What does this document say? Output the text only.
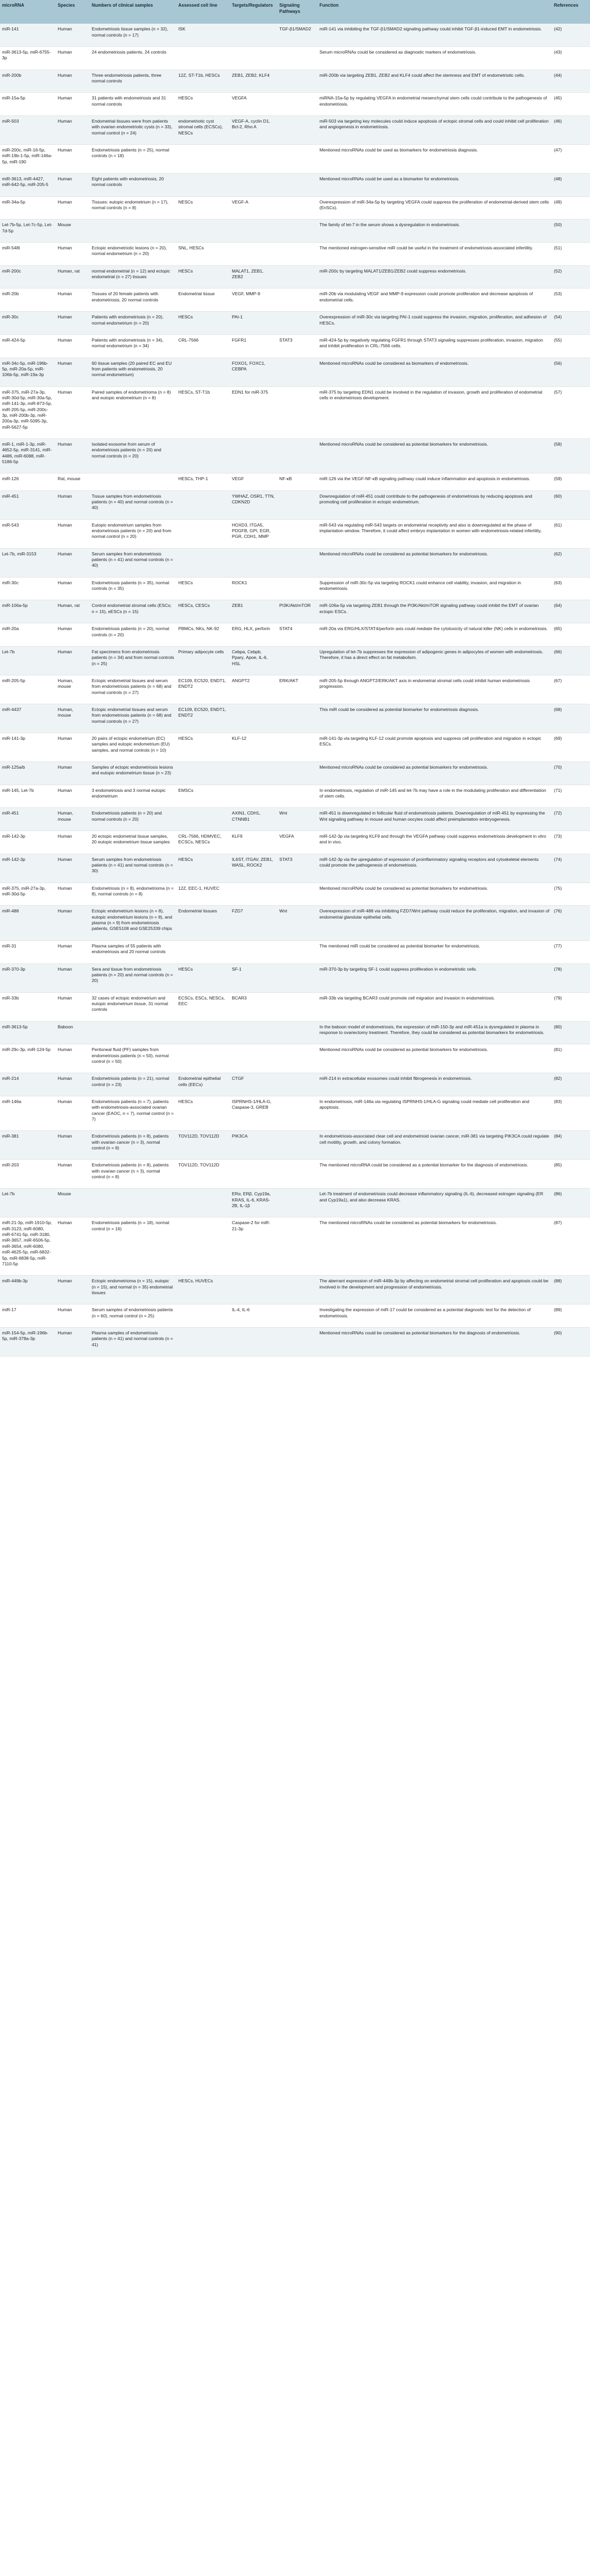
microRNA	Species	Numbers of clinical samples	Assessed cell line	Targets/Regulators	Signaling Pathways	Function	References
miR-141	Human	Endometriosis tissue samples (n = 32), normal controls (n = 17)	ISK		TGF-β1/SMAD2	miR-141 via inhibiting the TGF-β1/SMAD2 signaling pathway could inhibit TGF-β1-induced EMT in endometriosis.	(42)
miR-3613-5p, miR-6755-3p	Human	24 endometriosis patients, 24 controls				Serum microRNAs could be considered as diagnostic markers of endometriosis.	(43)
miR-200b	Human	Three endometriosis patients, three normal controls	12Z, ST-T1b, HESCs	ZEB1, ZEB2, KLF4		miR-200b via targeting ZEB1, ZEB2 and KLF4 could affect the stemness and EMT of endometriotic cells.	(44)
miR-15a-5p	Human	31 patients with endometriosis and 31 normal controls	HESCs	VEGFA		miRNA-15a-5p by regulating VEGFA in endometrial mesenchymal stem cells could contribute to the pathogenesis of endometriosis.	(45)
miR-503	Human	Endometrial tissues were from patients with ovarian endometriotic cysts (n = 33), normal control (n = 24)	endometriotic cyst stromal cells (ECSCs), NESCs	VEGF-A, cyclin D1, Bcl-2, Rho A		miR-503 via targeting key molecules could induce apoptosis of ectopic stromal cells and could inhibit cell proliferation and angiogenesis in endometriosis.	(46)
miR-200c, miR-16-5p, miR-19b-1-5p, miR-146a-5p, miR-190	Human	Endometriosis patients (n = 25), normal controls (n = 18)				Mentioned microRNAs could be used as biomarkers for endometriosis diagnosis.	(47)
miR-3613, miR-4427, miR-642-5p, miR-205-5	Human	Eight patients with endometriosis, 20 normal controls				Mentioned microRNAs could be used as a biomarker for endometriosis.	(48)
miR-34a-5p	Human	Tissues: eutopic endometrium (n = 17), normal controls (n = 8)	NESCs	VEGF-A		Overexpression of miR-34a-5p by targeting VEGFA could suppress the proliferation of endometrial-derived stem cells (EnSCs).	(49)
Let-7b-5p, Let-7c-5p, Let-7d-5p	Mouse					The family of let-7 in the serum shows a dysregulation in endometriosis.	(50)
miR-548l	Human	Ectopic endometriotic lesions (n = 20), normal endometrium (n = 20)	SNL, HESCs			The mentioned estrogen-sensitive miR could be useful in the treatment of endometriosis-associated infertility.	(51)
miR-200c	Human, rat	normal endometrial (n = 12) and ectopic endometrial (n = 27) tissues	HESCs	MALAT1, ZEB1, ZEB2		miR-200c by targeting MALAT1/ZEB1/ZEB2 could suppress endometriosis.	(52)
miR-20b	Human	Tissues of 20 female patients with endometriosis, 20 normal controls	Endometrial tissue	VEGF, MMP-9		miR-20b via modulating VEGF and MMP-9 expression could promote proliferation and decrease apoptosis of endometrial cells.	(53)
miR-30c	Human	Patients with endometriosis (n = 20), normal endometrium (n = 20)	HESCs	PAI-1		Overexpression of miR-30c via targeting PAI-1 could suppress the invasion, migration, proliferation, and adhesion of HESCs.	(54)
miR-424-5p	Human	Patients with endometriosis (n = 34), normal endometrium (n = 34)	CRL-7566	FGFR1	STAT3	miR-424-5p by negatively regulating FGFR1 through STAT3 signaling suppresses proliferation, invasion, migration and inhibit proliferation in CRL-7566 cells.	(55)
miR-34c-5p, miR-196b-5p, miR-20a-5p, miR-106b-5p, miR-19a-3p	Human	60 tissue samples (20 paired EC and EU from patients with endometriosis, 20 normal endometrium)		FOXO1, FOXC1, CEBPA		Mentioned microRNAs could be considered as biomarkers of endometriosis.	(56)
miR-375, miR-27a-3p, miR-30d-5p, miR-30a-5p, miR-141-3p, miR-873-5p, miR-205-5p, miR-200c-3p, miR-200b-3p, miR-200a-3p, miR-5095-3p, miR-5627-5p	Human	Paired samples of endometrioma (n = 8) and eutopic endometrium (n = 8)	HESCs, ST-T1b	EDN1 for miR-375		miR-375 by targeting EDN1 could be involved in the regulation of invasion, growth and proliferation of endometrial cells in endometriosis development.	(57)
miR-1, miR-1-3p, miR-4652-5p, miR-3141, miR-4486, miR-6088, miR-5186-5p	Human	Isolated exosome from serum of endometriosis patients (n = 20) and normal controls (n = 20)				Mentioned microRNAs could be considered as potential biomarkers for endometriosis.	(58)
miR-126	Rat, mouse		HESCs, THP-1	VEGF	NF-κB	miR-126 via the VEGF-NF-κB signaling pathway could induce inflammation and apoptosis in endometriosis.	(59)
miR-451	Human	Tissue samples from endometriosis patients (n = 40) and normal controls (n = 40)		YWHAZ, OSR1, TTN, CDKN2D		Downregulation of miR-451 could contribute to the pathogenesis of endometriosis by reducing apoptosis and promoting cell proliferation in ectopic endometrium.	(60)
miR-543	Human	Eutopic endometrium samples from endometriosis patients (n = 20) and from normal control (n = 20)		HOXD3, ITGA5, PDGFB, GPI, EGR, PGR, CDH1, MMP		miR-543 via regulating miR-543 targets on endometrial receptivity and also is downregulated at the phase of implantation window. Therefore, it could affect embryo implantation in women with endometriosis-related infertility.	(61)
Let-7b, miR-3153	Human	Serum samples from endometriosis patients (n = 41) and normal controls (n = 40)				Mentioned microRNAs could be considered as potential biomarkers for endometriosis.	(62)
miR-30c	Human	Endometriosis patients (n = 35), normal controls (n = 35)	HESCs	ROCK1		Suppression of miR-30c-5p via targeting ROCK1 could enhance cell viability, invasion, and migration in endometriosis.	(63)
miR-106a-5p	Human, rat	Control endometrial stromal cells (ESCs; n = 15), eESCs (n = 15)	HESCs, CESCs	ZEB1	PI3K/Akt/mTOR	miR-106a-5p via targeting ZEB1 through the PI3K/Akt/mTOR signaling pathway could inhibit the EMT of ovarian ectopic ESCs.	(64)
miR-20a	Human	Endometriosis patients (n = 20), normal controls (n = 20)	PBMCs, NKs, NK-92	ERG, HLX, perforin	STAT4	miR-20a via ERG/HLX/STAT4/perforin axis could mediate the cytotoxicity of natural killer (NK) cells in endometriosis.	(65)
Let-7b	Human	Fat specimens from endometriosis patients (n = 34) and from normal controls (n = 25)	Primary adipocyte cells	Cebpa, Cebpb, Pparγ, Apoe, IL-6, HSL		Upregulation of let-7b suppresses the expression of adipogenic genes in adipocytes of women with endometriosis. Therefore, it has a direct effect on fat metabolism.	(66)
miR-205-5p	Human, mouse	Ectopic endometrial tissues and serum from endometriosis patients (n = 68) and normal controls (n = 27)	EC109, EC520, ENDT1, ENDT2	ANGPT2	ERK/AKT	miR-205-5p through ANGPT2/ERK/AKT axis in endometrial stromal cells could inhibit human endometriosis progression.	(67)
miR-4437	Human, mouse	Ectopic endometrial tissues and serum from endometriosis patients (n = 68) and normal controls (n = 27)	EC109, EC520, ENDT1, ENDT2			This miR could be considered as potential biomarker for endometriosis diagnosis.	(68)
miR-141-3p	Human	20 pairs of ectopic endometrium (EC) samples and eutopic endometrium (EU) samples, and normal controls (n = 10)	HESCs	KLF-12		miR-141-3p via targeting KLF-12 could promote apoptosis and suppress cell proliferation and migration in ectopic ESCs.	(69)
miR-125a/b	Human	Samples of ectopic endometriosis lesions and eutopic endometrium tissue (n = 23)				Mentioned microRNAs could be considered as potential biomarkers for endometriosis.	(70)
miR-145, Let-7b	Human	3 endometriosis and 3 normal eutopic endometrium	EMSCs			In endometriosis, regulation of miR-145 and let-7b may have a role in the modulating proliferation and differentiation of stem cells.	(71)
miR-451	Human, mouse	Endometriosis patients (n = 20) and normal controls (n = 20)		AXIN1, CDH1, CTNNB1	Wnt	miR-451 is downregulated in follicular fluid of endometriosis patients. Downregulation of miR-451 by expressing the Wnt signaling pathway in mouse and human oocytes could affect preimplantation embryogenesis.	(72)
miR-142-3p	Human	20 ectopic endometrial tissue samples, 20 eutopic endometrium tissue samples	CRL-7566, HDMVEC, ECSCs, NESCs	KLF9	VEGFA	miR-142-3p via targeting KLF9 and through the VEGFA pathway could suppress endometriosis development in vitro and in vivo.	(73)
miR-142-3p	Human	Serum samples from endometriosis patients (n = 41) and normal controls (n = 30)	HESCs	IL6ST, ITGAV, ZEB1, WASL, ROCK2	STAT3	miR-142-3p via the upregulation of expression of proinflammatory signaling receptors and cytoskeletal elements could promote the pathogenesis of endometriosis.	(74)
miR-375, miR-27a-3p, miR-30d-5p	Human	Endometriosis (n = 8), endometrioma (n = 8), normal controls (n = 8)	12Z, EEC-1, HUVEC			Mentioned microRNAs could be considered as potential biomarkers for endometriosis.	(75)
miR-488	Human	Ectopic endometrium lesions (n = 8), eutopic endometrium lesions (n = 8), and plasma (n = 9) from endometriosis patients, GSE5108 and GSE25339 chips	Endometrial tissues	FZD7	Wnt	Overexpression of miR-488 via inhibiting FZD7/Wnt pathway could reduce the proliferation, migration, and invasion of endometrial glandular epithelial cells.	(76)
miR-31	Human	Plasma samples of 55 patients with endometriosis and 20 normal controls				The mentioned miR could be considered as potential biomarker for endometriosis.	(77)
miR-370-3p	Human	Sera and tissue from endometriosis patients (n = 20) and normal controls (n = 20)	HESCs	SF-1		miR-370-3p by targeting SF-1 could suppress proliferation in endometriotic cells.	(78)
miR-33b	Human	32 cases of ectopic endometrium and eutopic endometrium tissue, 31 normal controls	ECSCs, ESCs, NESCs, EEC	BCAR3		miR-33b via targeting BCAR3 could promote cell migration and invasion in endometriosis.	(79)
miR-3613-5p	Baboon					In the baboon model of endometriosis, the expression of miR-150-3p and miR-451a is dysregulated in plasma in response to ovariectomy treatment. Therefore, they could be considered as potential biomarkers for endometriosis.	(80)
miR-29c-3p, miR-124-5p	Human	Peritoneal fluid (PF) samples from endometriosis patients (n = 50), normal control (n = 50)				Mentioned microRNAs could be considered as potential biomarkers for endometriosis.	(81)
miR-214	Human	Endometriosis patients (n = 21), normal control (n = 23)	Endometrial epithelial cells (EECs)	CTGF		miR-214 in extracellular exosomes could inhibit fibrogenesis in endometriosis.	(82)
miR-146a	Human	Endometriosis patients (n = 7), patients with endometriosis-associated ovarian cancer (EAOC, n = 7), normal control (n = 7)	HESCs	ISPRNHS-1/HLA-G, Caspase-3, GREB		In endometriosis, miR-146a via regulating ISPRNHS-1/HLA-G signaling could mediate cell proliferation and apoptosis.	(83)
miR-381	Human	Endometriosis patients (n = 8), patients with ovarian cancer (n = 3), normal control (n = 8)	TOV112D, TOV112D	PIK3CA		In endometriosis-associated clear cell and endometrioid ovarian cancer, miR-381 via targeting PIK3CA could regulate cell motility, growth, and colony formation.	(84)
miR-203	Human	Endometriosis patients (n = 8), patients with ovarian cancer (n = 3), normal control (n = 8)	TOV112D, TOV112D			The mentioned microRNA could be considered as a potential biomarker for the diagnosis of endometriosis.	(85)
Let-7b	Mouse			ERα, ERβ, Cyp19a, KRAS, IL-6, KRAS-2B, IL-1β		Let-7b treatment of endometriosis could decrease inflammatory signaling (IL-6), decreased estrogen signaling (ER and Cyp19a1), and also decrease KRAS.	(86)
miR-21-3p, miR-1910-5p, miR-3123, miR-6080, miR-6741-5p, miR-3180, miR-3657, miR-6506-5p, miR-3654, miR-6080, miR-4625-5p, miR-6832-5p, miR-6838-5p, miR-7110-5p	Human	Endometriosis patients (n = 18), normal control (n = 16)		Caspase-2 for miR-21-3p		The mentioned microRNAs could be considered as potential biomarkers for endometriosis.	(87)
miR-449b-3p	Human	Ectopic endometrioma (n = 15), eutopic (n = 15), and normal (n = 35) endometrial tissues	HESCs, HUVECs			The aberrant expression of miR-449b-3p by affecting on endometrial stromal cell proliferation and apoptosis could be involved in the development and progression of endometriosis.	(88)
miR-17	Human	Serum samples of endometriosis patients (n = 60), normal control (n = 25)		IL-4, IL-6		Investigating the expression of miR-17 could be considered as a potential diagnostic test for the detection of endometriosis.	(89)
miR-154-5p, miR-196b-5p, miR-378a-3p	Human	Plasma samples of endometriosis patients (n = 41) and normal controls (n = 41)				Mentioned microRNAs could be considered as potential biomarkers for the diagnosis of endometriosis.	(90)
